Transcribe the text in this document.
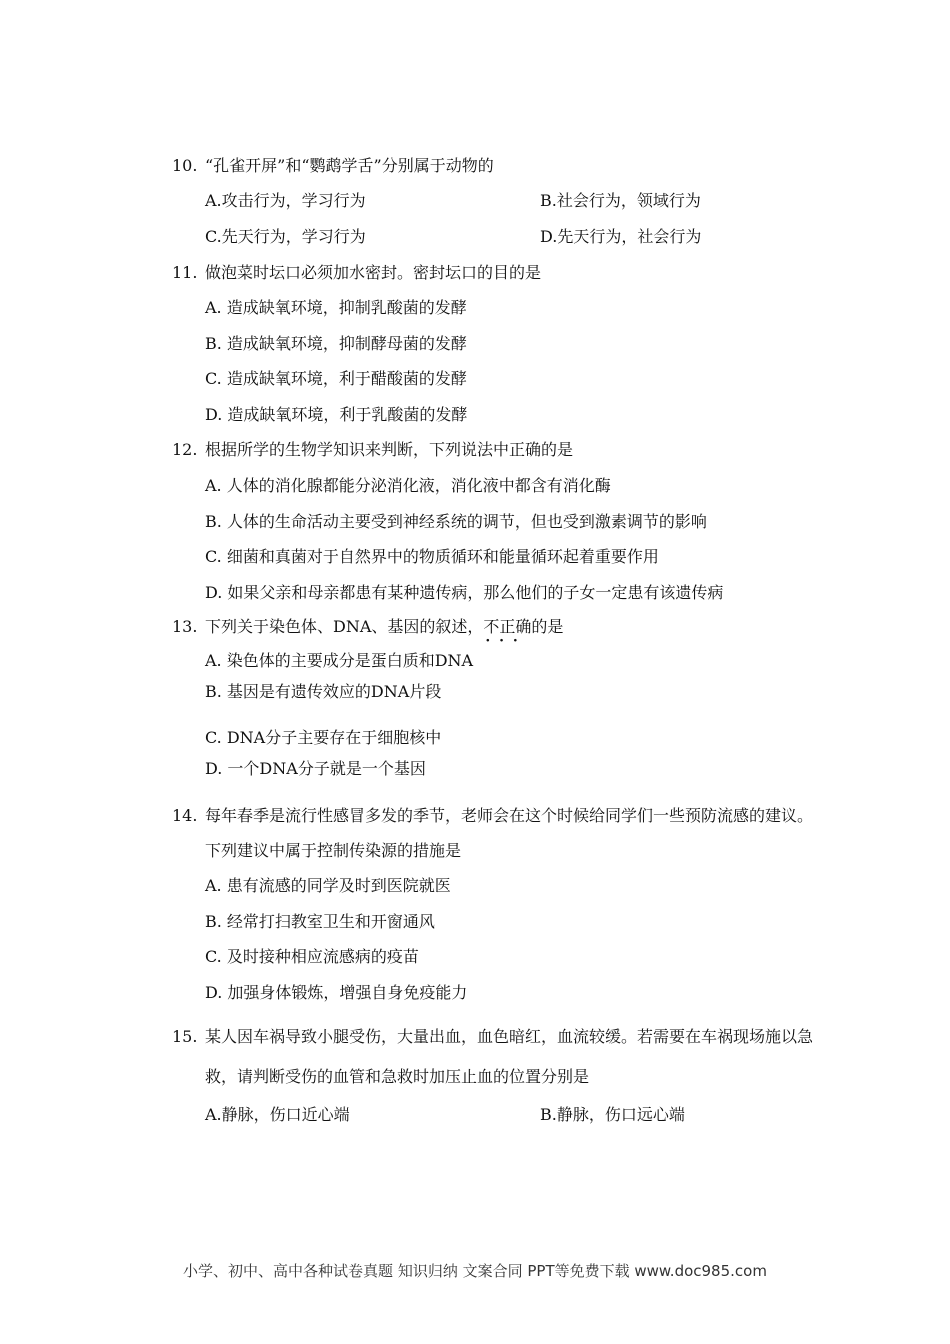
10. “孔雀开屏”和“鹦鹉学舌”分别属于动物的
A.攻击行为，学习行为	B.社会行为，领域行为
C.先天行为，学习行为	D.先天行为，社会行为
11. 做泡菜时坛口必须加水密封。密封坛口的目的是
A. 造成缺氧环境，抑制乳酸菌的发酵
B. 造成缺氧环境，抑制酵母菌的发酵
C. 造成缺氧环境，利于醋酸菌的发酵
D. 造成缺氧环境，利于乳酸菌的发酵
12. 根据所学的生物学知识来判断，下列说法中正确的是
A. 人体的消化腺都能分泌消化液，消化液中都含有消化酶
B. 人体的生命活动主要受到神经系统的调节，但也受到激素调节的影响
C. 细菌和真菌对于自然界中的物质循环和能量循环起着重要作用
D. 如果父亲和母亲都患有某种遗传病，那么他们的子女一定患有该遗传病
13. 下列关于染色体、DNA、基因的叙述，不正确 · · ·的是
A. 染色体的主要成分是蛋白质和DNA
B. 基因是有遗传效应的DNA片段
C. DNA分子主要存在于细胞核中
D. 一个DNA分子就是一个基因
14. 每年春季是流行性感冒多发的季节，老师会在这个时候给同学们一些预防流感的建议。
下列建议中属于控制传染源的措施是
A. 患有流感的同学及时到医院就医
B. 经常打扫教室卫生和开窗通风
C. 及时接种相应流感病的疫苗
D. 加强身体锻炼，增强自身免疫能力
15. 某人因车祸导致小腿受伤，大量出血，血色暗红，血流较缓。若需要在车祸现场施以急
救，请判断受伤的血管和急救时加压止血的位置分别是
A.静脉，伤口近心端	B.静脉，伤口远心端
小学、初中、高中各种试卷真题 知识归纳 文案合同 PPT等免费下载 www.doc985.com
